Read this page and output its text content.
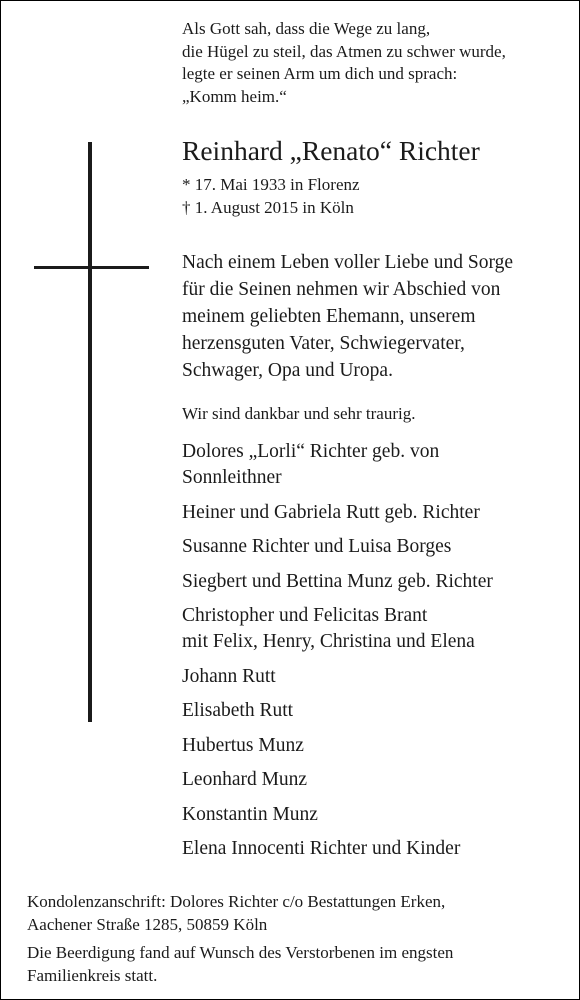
Als Gott sah, dass die Wege zu lang,
die Hügel zu steil, das Atmen zu schwer wurde,
legte er seinen Arm um dich und sprach:
„Komm heim.“
Reinhard „Renato“ Richter
* 17. Mai 1933 in Florenz
† 1. August 2015 in Köln
Nach einem Leben voller Liebe und Sorge
für die Seinen nehmen wir Abschied von
meinem geliebten Ehemann, unserem
herzensguten Vater, Schwiegervater,
Schwager, Opa und Uropa.
Wir sind dankbar und sehr traurig.
Dolores „Lorli“ Richter geb. von
Sonnleithner
Heiner und Gabriela Rutt geb. Richter
Susanne Richter und Luisa Borges
Siegbert und Bettina Munz geb. Richter
Christopher und Felicitas Brant
mit Felix, Henry, Christina und Elena
Johann Rutt
Elisabeth Rutt
Hubertus Munz
Leonhard Munz
Konstantin Munz
Elena Innocenti Richter und Kinder
Kondolenzanschrift: Dolores Richter c/o Bestattungen Erken,
Aachener Straße 1285, 50859 Köln
Die Beerdigung fand auf Wunsch des Verstorbenen im engsten
Familienkreis statt.
